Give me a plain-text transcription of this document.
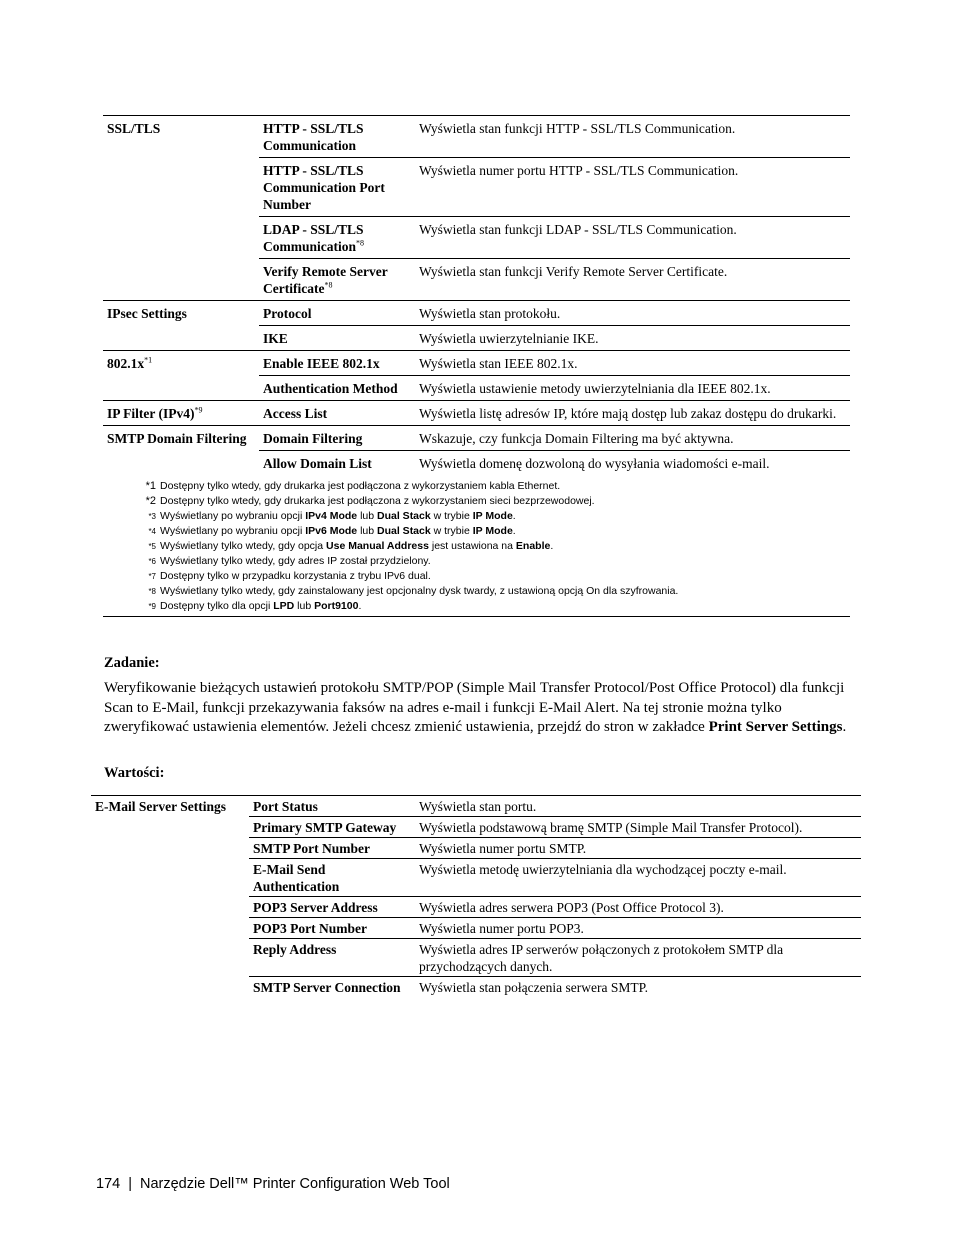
SSL/TLS	HTTP - SSL/TLS Communication	Wyświetla stan funkcji HTTP - SSL/TLS Communication.
	HTTP - SSL/TLS Communication Port Number	Wyświetla numer portu HTTP - SSL/TLS Communication.
	LDAP - SSL/TLS Communication$^{*8}$	Wyświetla stan funkcji LDAP - SSL/TLS Communication.
	Verify Remote Server Certificate$^{*8}$	Wyświetla stan funkcji Verify Remote Server Certificate.
IPsec Settings	Protocol	Wyświetla stan protokołu.
	IKE	Wyświetla uwierzytelnianie IKE.
$802.1x^{*1}$	Enable IEEE 802.1x	Wyświetla stan IEEE 802.1x.
	Authentication Method	Wyświetla ustawienie metody uwierzytelniania dla IEEE 802.1x.
IP Filter $(IPv4)^{*9}$	Access List	Wyświetla listę adresów IP, które mają dostęp lub zakaz dostępu do drukarki.
SMTP Domain Filtering	Domain Filtering	Wskazuje, czy funkcja Domain Filtering ma być aktywna.
	Allow Domain List	Wyświetla domenę dozwoloną do wysyłania wiadomości e-mail.
*1 Dostępny tylko wtedy, gdy drukarka jest podłączona z wykorzystaniem kabla Ethernet.
*2 Dostępny tylko wtedy, gdy drukarka jest podłączona z wykorzystaniem sieci bezprzewodowej.
*3 Wyświetlany po wybraniu opcji IPv4 Mode lub Dual Stack w trybie IP Mode.
*4 Wyświetlany po wybraniu opcji IPv6 Mode lub Dual Stack w trybie IP Mode.
*5 Wyświetlany tylko wtedy, gdy opcja Use Manual Address jest ustawiona na Enable.
*6 Wyświetlany tylko wtedy, gdy adres IP został przydzielony.
*7 Dostępny tylko w przypadku korzystania z trybu IPv6 dual.
*8 Wyświetlany tylko wtedy, gdy zainstalowany jest opcjonalny dysk twardy, z ustawioną opcją On dla szyfrowania.
*9 Dostępny tylko dla opcji LPD lub Port9100.
Zadanie:
Weryfikowanie bieżących ustawień protokołu SMTP/POP (Simple Mail Transfer Protocol/Post Office Protocol) dla funkcji Scan to E-Mail, funkcji przekazywania faksów na adres e-mail i funkcji E-Mail Alert. Na tej stronie można tylko zweryfikować ustawienia elementów. Jeżeli chcesz zmienić ustawienia, przejdź do stron w zakładce Print Server Settings.
Wartości:
E-Mail Server Settings	Port Status	Wyświetla stan portu.
	Primary SMTP Gateway	Wyświetla podstawową bramę SMTP (Simple Mail Transfer Protocol).
	SMTP Port Number	Wyświetla numer portu SMTP.
	E-Mail Send Authentication	Wyświetla metodę uwierzytelniania dla wychodzącej poczty e-mail.
	POP3 Server Address	Wyświetla adres serwera POP3 (Post Office Protocol 3).
	POP3 Port Number	Wyświetla numer portu POP3.
	Reply Address	Wyświetla adres IP serwerów połączonych z protokołem SMTP dla przychodzących danych.
	SMTP Server Connection	Wyświetla stan połączenia serwera SMTP.
174 | Narzędzie Dell™ Printer Configuration Web Tool
